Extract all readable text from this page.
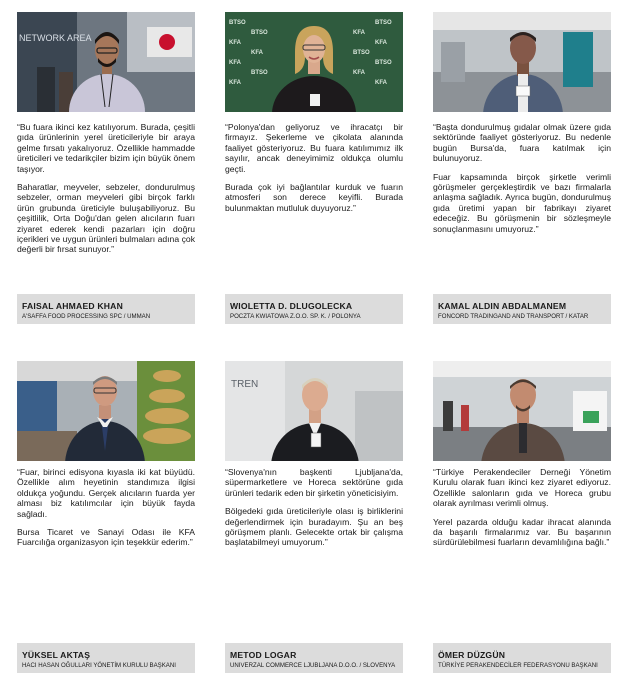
NETWORK AREA

“Bu fuara ikinci kez katılıyorum. Burada, çeşitli gıda ürünlerinin yerel üreticileriyle bir araya gelme fırsatı yakalıyoruz. Özellikle hammadde üreticileri ve tedarikçiler bizim için büyük önem taşıyor.

Baharatlar, meyveler, sebzeler, dondurulmuş sebzeler, orman meyveleri gibi birçok farklı ürün grubunda üreticiyle buluşabiliyoruz. Bu çeşitlilik, Orta Doğu'dan gelen alıcıların fuarı ziyaret ederek kendi pazarları için doğru içerikleri ve uygun ürünleri bulmaları adına çok değerli bir fırsat sunuyor.”

FAISAL AHMAED KHAN
A'SAFFA FOOD PROCESSING SPC / UMMAN
BTSO
KFA
KFA
KFA
BTSO
KFA
BTSO
KFA
KFA
BTSO
KFA
BTSO
KFA
BTSO

“Polonya'dan geliyoruz ve ihracatçı bir firmayız. Şekerleme ve çikolata alanında faaliyet gösteriyoruz. Bu fuara katılımımız ilk sayılır, ancak deneyimimiz oldukça olumlu geçti.

Burada çok iyi bağlantılar kurduk ve fuarın atmosferi son derece keyifli. Burada bulunmaktan mutluluk duyuyoruz.”

WIOLETTA D. DLUGOLECKA
POCZTA KWIATOWA Z.O.O. SP. K. / POLONYA

“Başta dondurulmuş gıdalar olmak üzere gıda sektöründe faaliyet gösteriyoruz. Bu nedenle bugün Bursa'da, fuara katılmak için bulunuyoruz.

Fuar kapsamında birçok şirketle verimli görüşmeler gerçekleştirdik ve bazı firmalarla anlaşma sağladık. Ayrıca bugün, dondurulmuş gıda üretimi yapan bir fabrikayı ziyaret edeceğiz. Bu görüşmenin bir sözleşmeyle sonuçlanmasını umuyoruz.”

KAMAL ALDIN ABDALMANEM
FONCORD TRADINGAND AND TRANSPORT / KATAR

“Fuar, birinci edisyona kıyasla iki kat büyüdü. Özellikle alım heyetinin standımıza ilgisi oldukça yoğundu. Gerçek alıcıların fuarda yer alması biz katılımcılar için büyük fayda sağladı.

Bursa Ticaret ve Sanayi Odası ile KFA Fuarcılığa organizasyon için teşekkür ederim.”

YÜKSEL AKTAŞ
HACI HASAN OĞULLARI YÖNETİM KURULU BAŞKANI
TREN

“Slovenya'nın başkenti Ljubljana'da, süpermarketlere ve Horeca sektörüne gıda ürünleri tedarik eden bir şirketin yöneticisiyim.

Bölgedeki gıda üreticileriyle olası iş birliklerini değerlendirmek için buradayım. Şu an beş görüşmem planlı. Gelecekte ortak bir çalışma başlatabilmeyi umuyorum.”

METOD LOGAR
UNIVERZAL COMMERCE LJUBLJANA D.O.O. / SLOVENYA

“Türkiye Perakendeciler Derneği Yönetim Kurulu olarak fuarı ikinci kez ziyaret ediyoruz. Özellikle salonların gıda ve Horeca grubu olarak ayrılması verimli olmuş.

Yerel pazarda olduğu kadar ihracat alanında da başarılı firmalarımız var. Bu başarının sürdürülebilmesi fuarların devamlılığına bağlı.”

ÖMER DÜZGÜN
TÜRKİYE PERAKENDECİLER FEDERASYONU BAŞKANI
